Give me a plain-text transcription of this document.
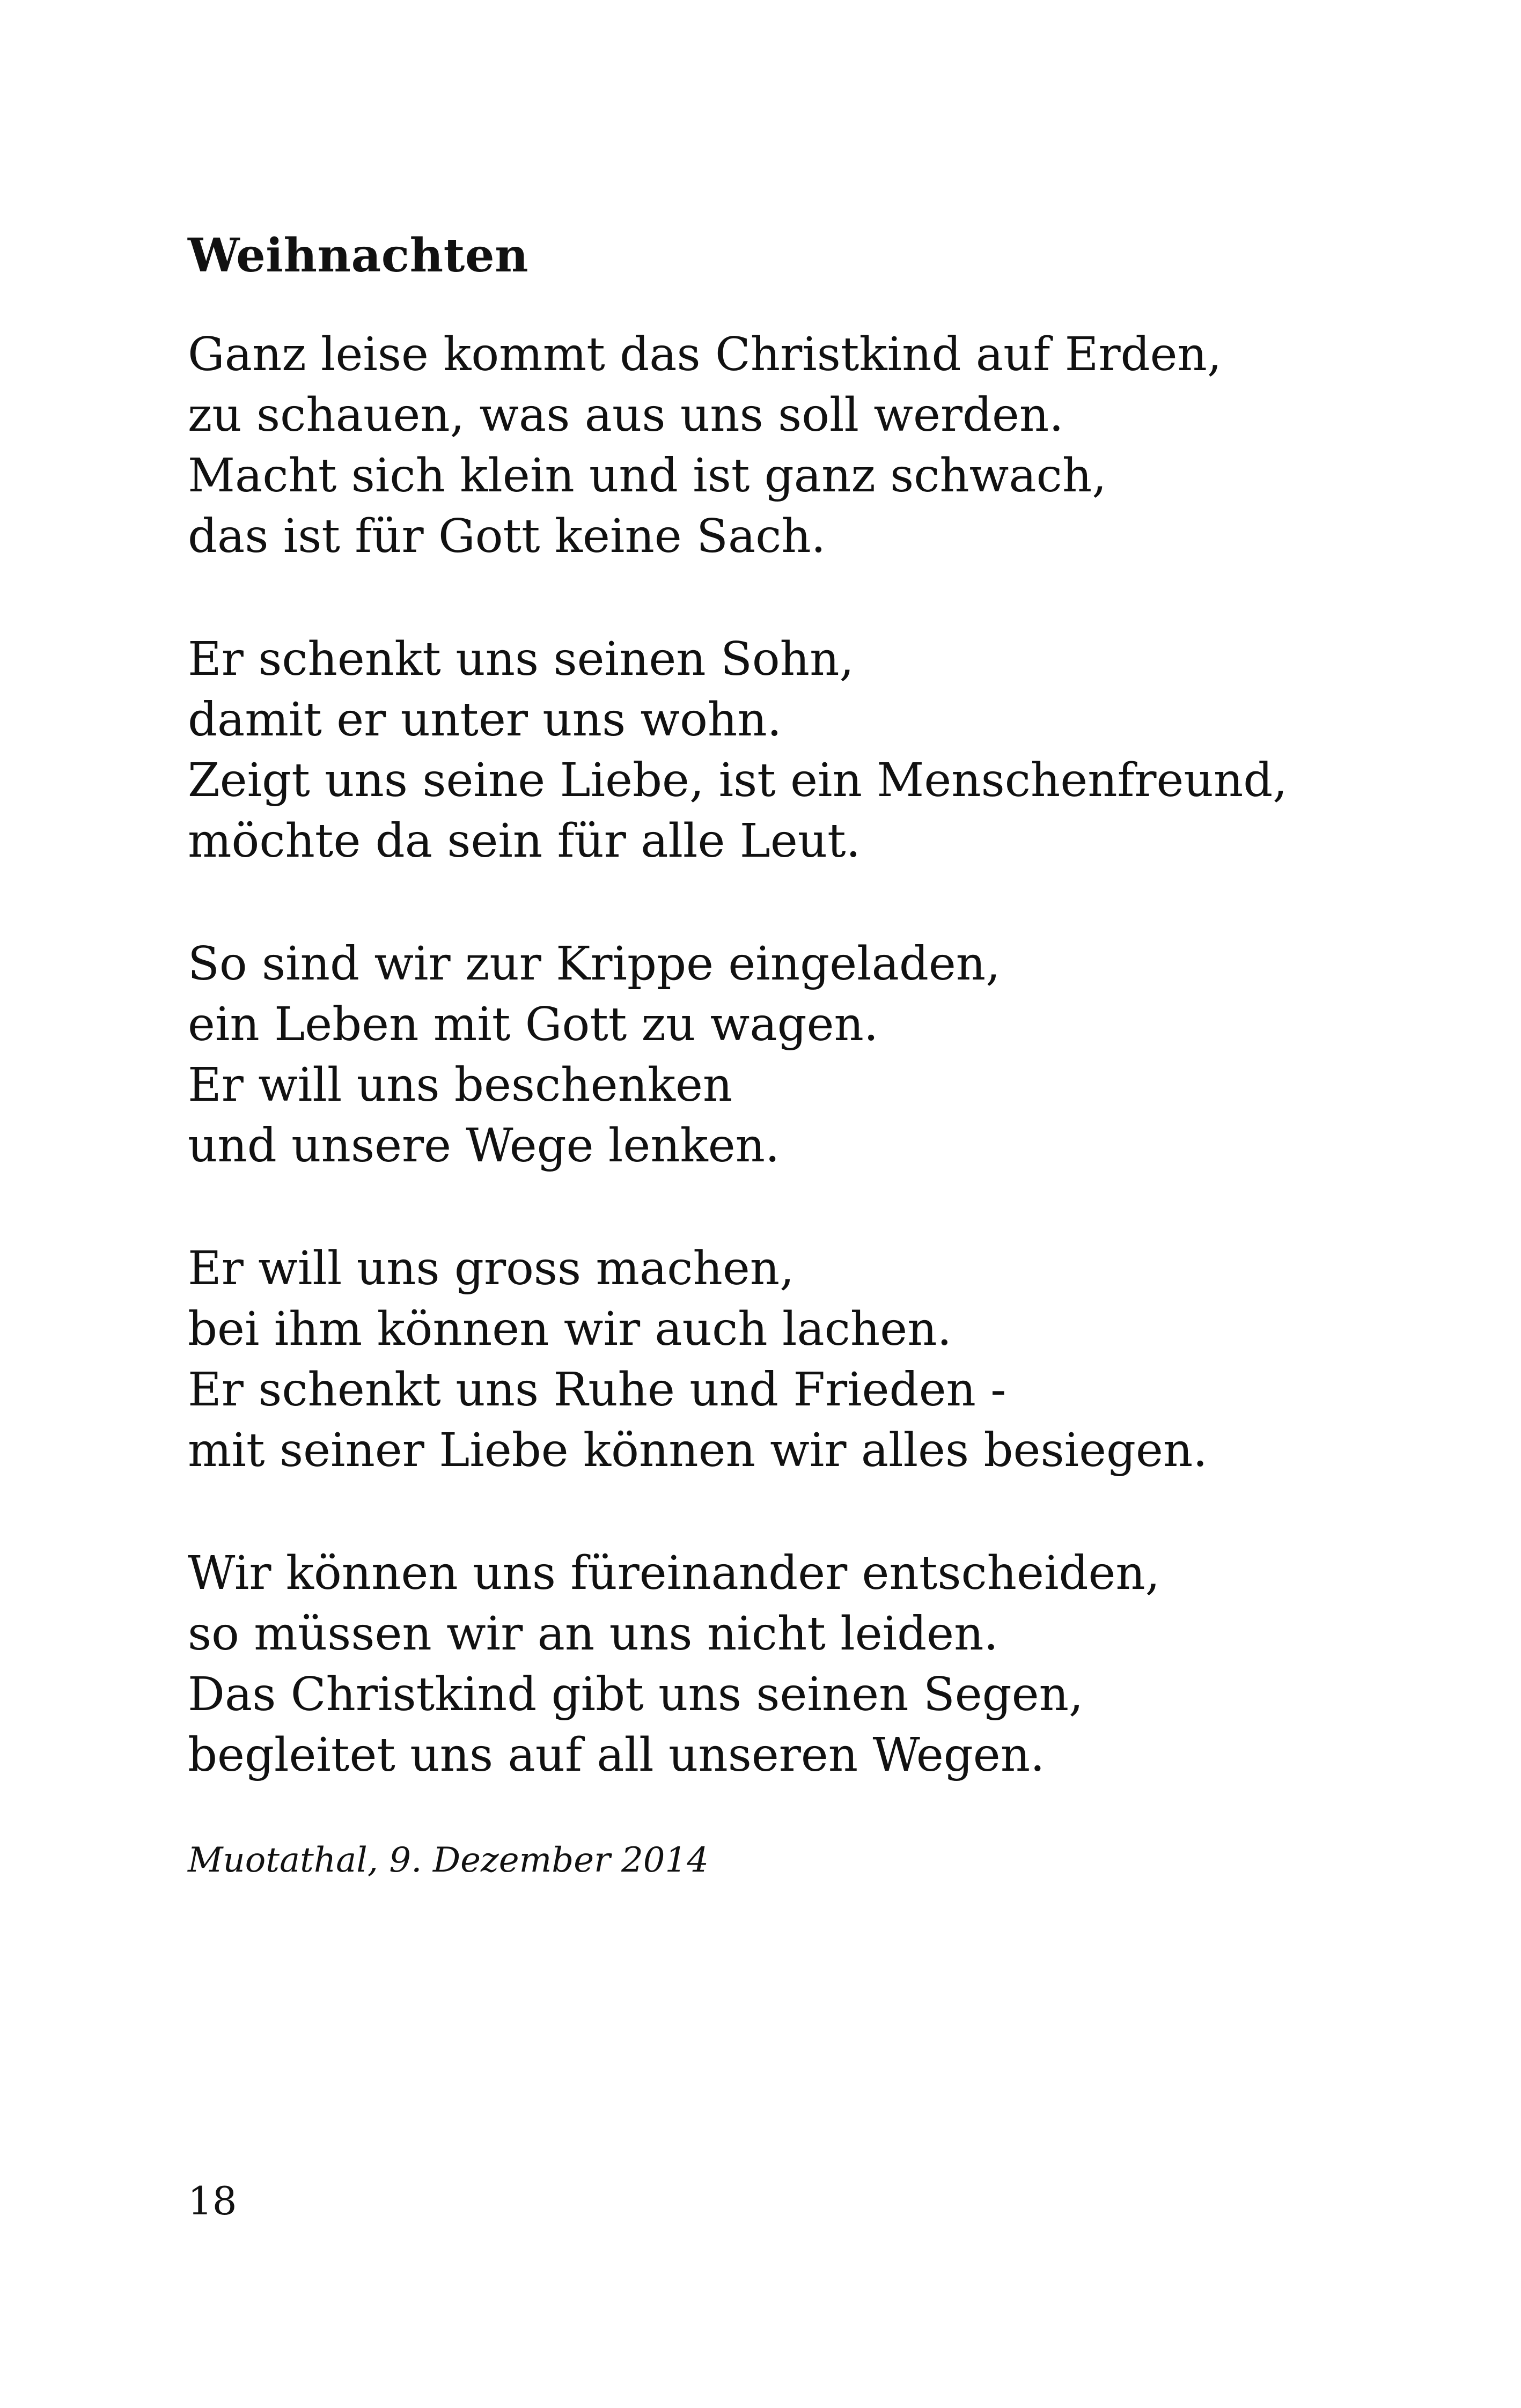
Weihnachten
Ganz leise kommt das Christkind auf Erden,
zu schauen, was aus uns soll werden.
Macht sich klein und ist ganz schwach,
das ist für Gott keine Sach.
Er schenkt uns seinen Sohn,
damit er unter uns wohn.
Zeigt uns seine Liebe, ist ein Menschenfreund,
möchte da sein für alle Leut.
So sind wir zur Krippe eingeladen,
ein Leben mit Gott zu wagen.
Er will uns beschenken
und unsere Wege lenken.
Er will uns gross machen,
bei ihm können wir auch lachen.
Er schenkt uns Ruhe und Frieden -
mit seiner Liebe können wir alles besiegen.
Wir können uns füreinander entscheiden,
so müssen wir an uns nicht leiden.
Das Christkind gibt uns seinen Segen,
begleitet uns auf all unseren Wegen.
Muotathal, 9. Dezember 2014
18
